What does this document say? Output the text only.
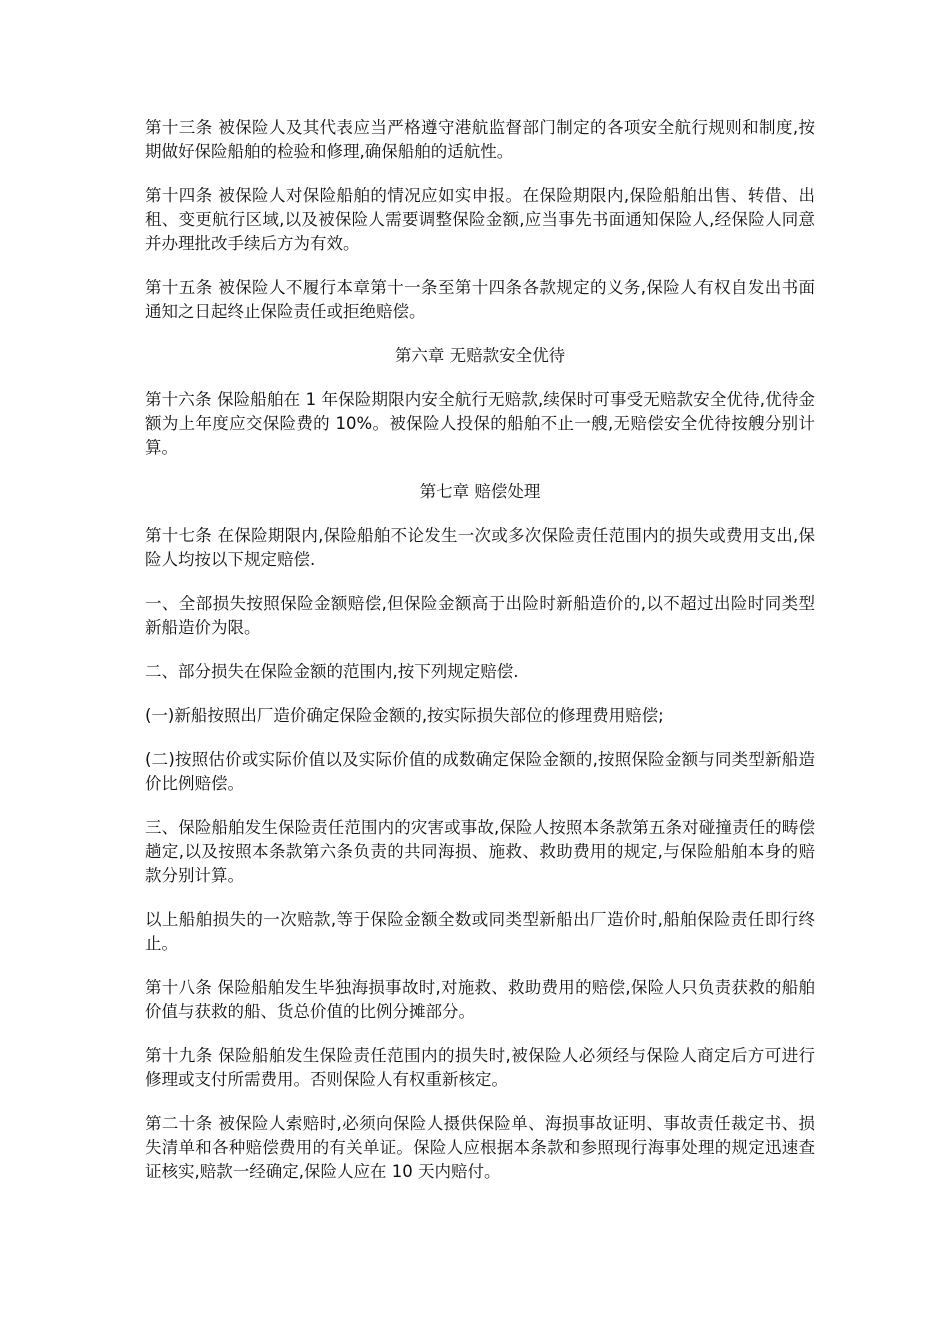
第十三条 被保险人及其代表应当严格遵守港航监督部门制定的各项安全航行规则和制度,按期做好保险船舶的检验和修理,确保船舶的适航性。

第十四条 被保险人对保险船舶的情况应如实申报。在保险期限内,保险船舶出售、转借、出租、变更航行区域,以及被保险人需要调整保险金额,应当事先书面通知保险人,经保险人同意并办理批改手续后方为有效。

第十五条 被保险人不履行本章第十一条至第十四条各款规定的义务,保险人有权自发出书面通知之日起终止保险责任或拒绝赔偿。

第六章 无赔款安全优待

第十六条 保险船舶在 1 年保险期限内安全航行无赔款,续保时可事受无赔款安全优待,优待金额为上年度应交保险费的 10%。被保险人投保的船舶不止一艘,无赔偿安全优待按艘分别计算。

第七章 赔偿处理

第十七条 在保险期限内,保险船舶不论发生一次或多次保险责任范围内的损失或费用支出,保险人均按以下规定赔偿.

一、全部损失按照保险金额赔偿,但保险金额高于出险时新船造价的,以不超过出险时同类型新船造价为限。

二、部分损失在保险金额的范围内,按下列规定赔偿.

(一)新船按照出厂造价确定保险金额的,按实际损失部位的修理费用赔偿;

(二)按照估价或实际价值以及实际价值的成数确定保险金额的,按照保险金额与同类型新船造价比例赔偿。

三、保险船舶发生保险责任范围内的灾害或事故,保险人按照本条款第五条对碰撞责任的畴偿趟定,以及按照本条款第六条负责的共同海损、施救、救助费用的规定,与保险船舶本身的赔款分别计算。

以上船舶损失的一次赔款,等于保险金额全数或同类型新船出厂造价时,船舶保险责任即行终止。

第十八条 保险船舶发生毕独海损事故时,对施救、救助费用的赔偿,保险人只负责获救的船舶价值与获救的船、货总价值的比例分摊部分。

第十九条 保险船舶发生保险责任范围内的损失时,被保险人必须经与保险人商定后方可进行修理或支付所需费用。否则保险人有权重新核定。

第二十条 被保险人索赔时,必须向保险人摄供保险单、海损事故证明、事故责任裁定书、损失清单和各种赔偿费用的有关单证。保险人应根据本条款和参照现行海事处理的规定迅速查证核实,赔款一经确定,保险人应在 10 天内赔付。
